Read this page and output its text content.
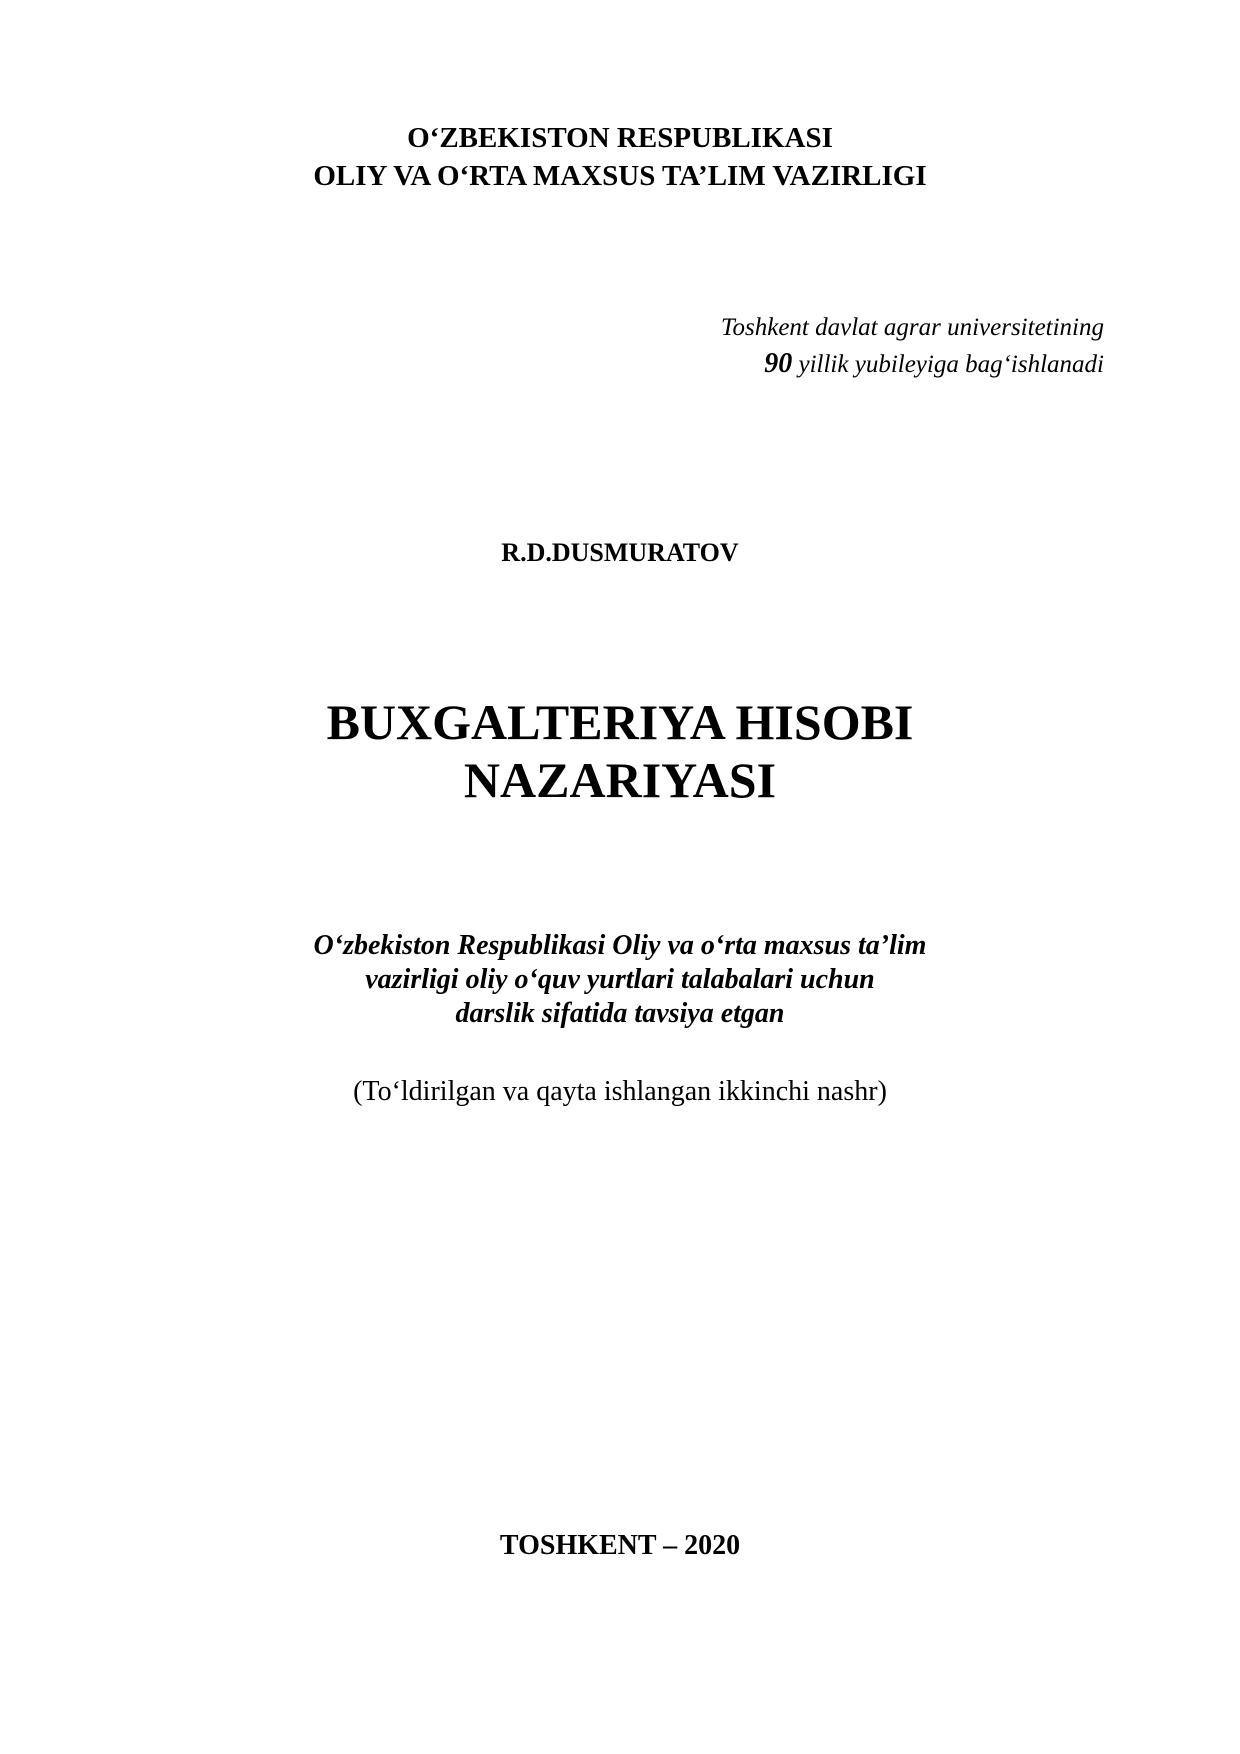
O‘ZBEKISTON RESPUBLIKASI
OLIY VA O‘RTA MAXSUS TA’LIM VAZIRLIGI
Toshkent davlat agrar universitetining
90 yillik yubileyiga bag‘ishlanadi
R.D.DUSMURATOV
BUXGALTERIYA HISOBI
NAZARIYASI
O‘zbekiston Respublikasi Oliy va o‘rta maxsus ta’lim
vazirligi oliy o‘quv yurtlari talabalari uchun
darslik sifatida tavsiya etgan
(To‘ldirilgan va qayta ishlangan ikkinchi nashr)
TOSHKENT – 2020
